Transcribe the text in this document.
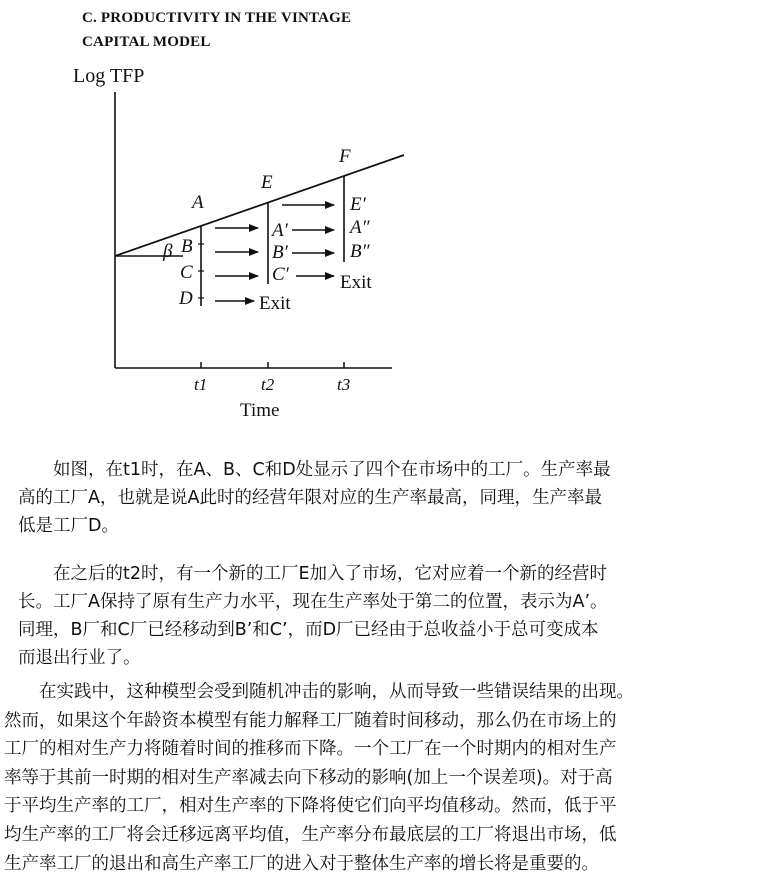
C. PRODUCTIVITY IN THE VINTAGE
CAPITAL MODEL
Log TFP
Time
t1	t2	t3
β
A
B
C
D
E
A′
B′
C′
F
E′
A″
B″
Exit
Exit
　　如图，在t1时，在A、B、C和D处显示了四个在市场中的工厂。生产率最
高的工厂A，也就是说A此时的经营年限对应的生产率最高，同理，生产率最
低是工厂D。
　　在之后的t2时，有一个新的工厂E加入了市场，它对应着一个新的经营时
长。工厂A保持了原有生产力水平，现在生产率处于第二的位置，表示为A’。
同理，B厂和C厂已经移动到B’和C’，而D厂已经由于总收益小于总可变成本
而退出行业了。
　　在实践中，这种模型会受到随机冲击的影响，从而导致一些错误结果的出现。
然而，如果这个年龄资本模型有能力解释工厂随着时间移动，那么仍在市场上的
工厂的相对生产力将随着时间的推移而下降。一个工厂在一个时期内的相对生产
率等于其前一时期的相对生产率减去向下移动的影响(加上一个误差项)。对于高
于平均生产率的工厂，相对生产率的下降将使它们向平均值移动。然而，低于平
均生产率的工厂将会迁移远离平均值，生产率分布最底层的工厂将退出市场，低
生产率工厂的退出和高生产率工厂的进入对于整体生产率的增长将是重要的。
